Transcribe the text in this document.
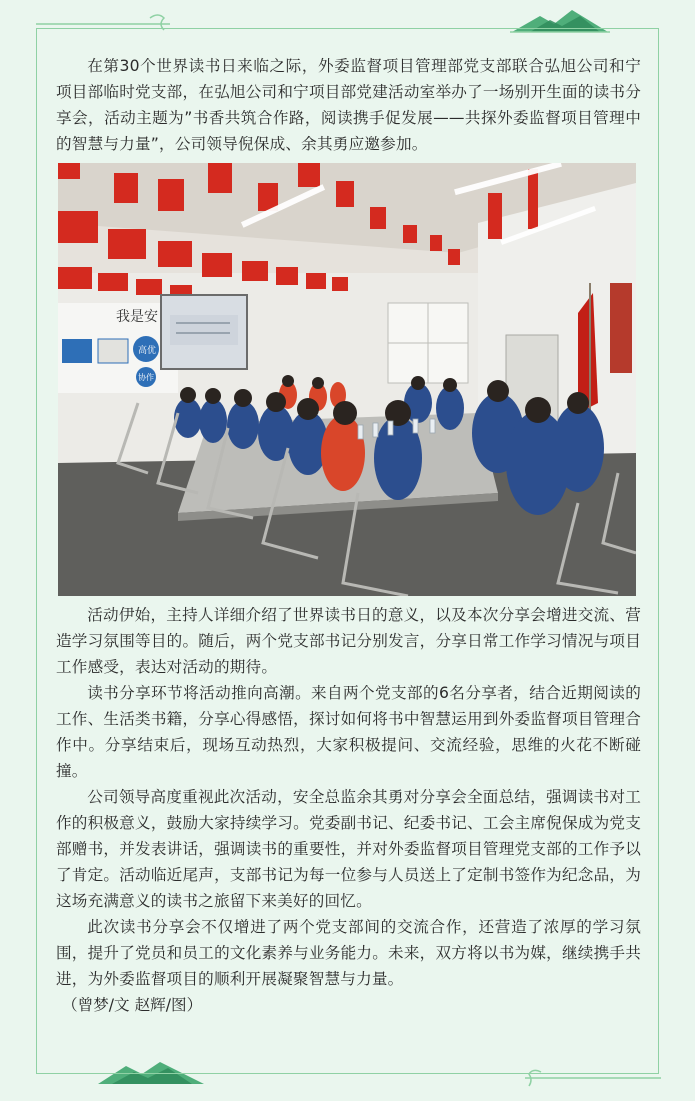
在第30个世界读书日来临之际，外委监督项目管理部党支部联合弘旭公司和宁项目部临时党支部，在弘旭公司和宁项目部党建活动室举办了一场别开生面的读书分享会，活动主题为”书香共筑合作路，阅读携手促发展——共探外委监督项目管理中的智慧与力量”，公司领导倪保成、余其勇应邀参加。

我是安
高优
协作

活动伊始，主持人详细介绍了世界读书日的意义，以及本次分享会增进交流、营造学习氛围等目的。随后，两个党支部书记分别发言，分享日常工作学习情况与项目工作感受，表达对活动的期待。

读书分享环节将活动推向高潮。来自两个党支部的6名分享者，结合近期阅读的工作、生活类书籍，分享心得感悟，探讨如何将书中智慧运用到外委监督项目管理合作中。分享结束后，现场互动热烈，大家积极提问、交流经验，思维的火花不断碰撞。

公司领导高度重视此次活动，安全总监余其勇对分享会全面总结，强调读书对工作的积极意义，鼓励大家持续学习。党委副书记、纪委书记、工会主席倪保成为党支部赠书，并发表讲话，强调读书的重要性，并对外委监督项目管理党支部的工作予以了肯定。活动临近尾声，支部书记为每一位参与人员送上了定制书签作为纪念品，为这场充满意义的读书之旅留下来美好的回忆。

此次读书分享会不仅增进了两个党支部间的交流合作，还营造了浓厚的学习氛围，提升了党员和员工的文化素养与业务能力。未来，双方将以书为媒，继续携手共进，为外委监督项目的顺利开展凝聚智慧与力量。

（曾梦/文 赵辉/图）
